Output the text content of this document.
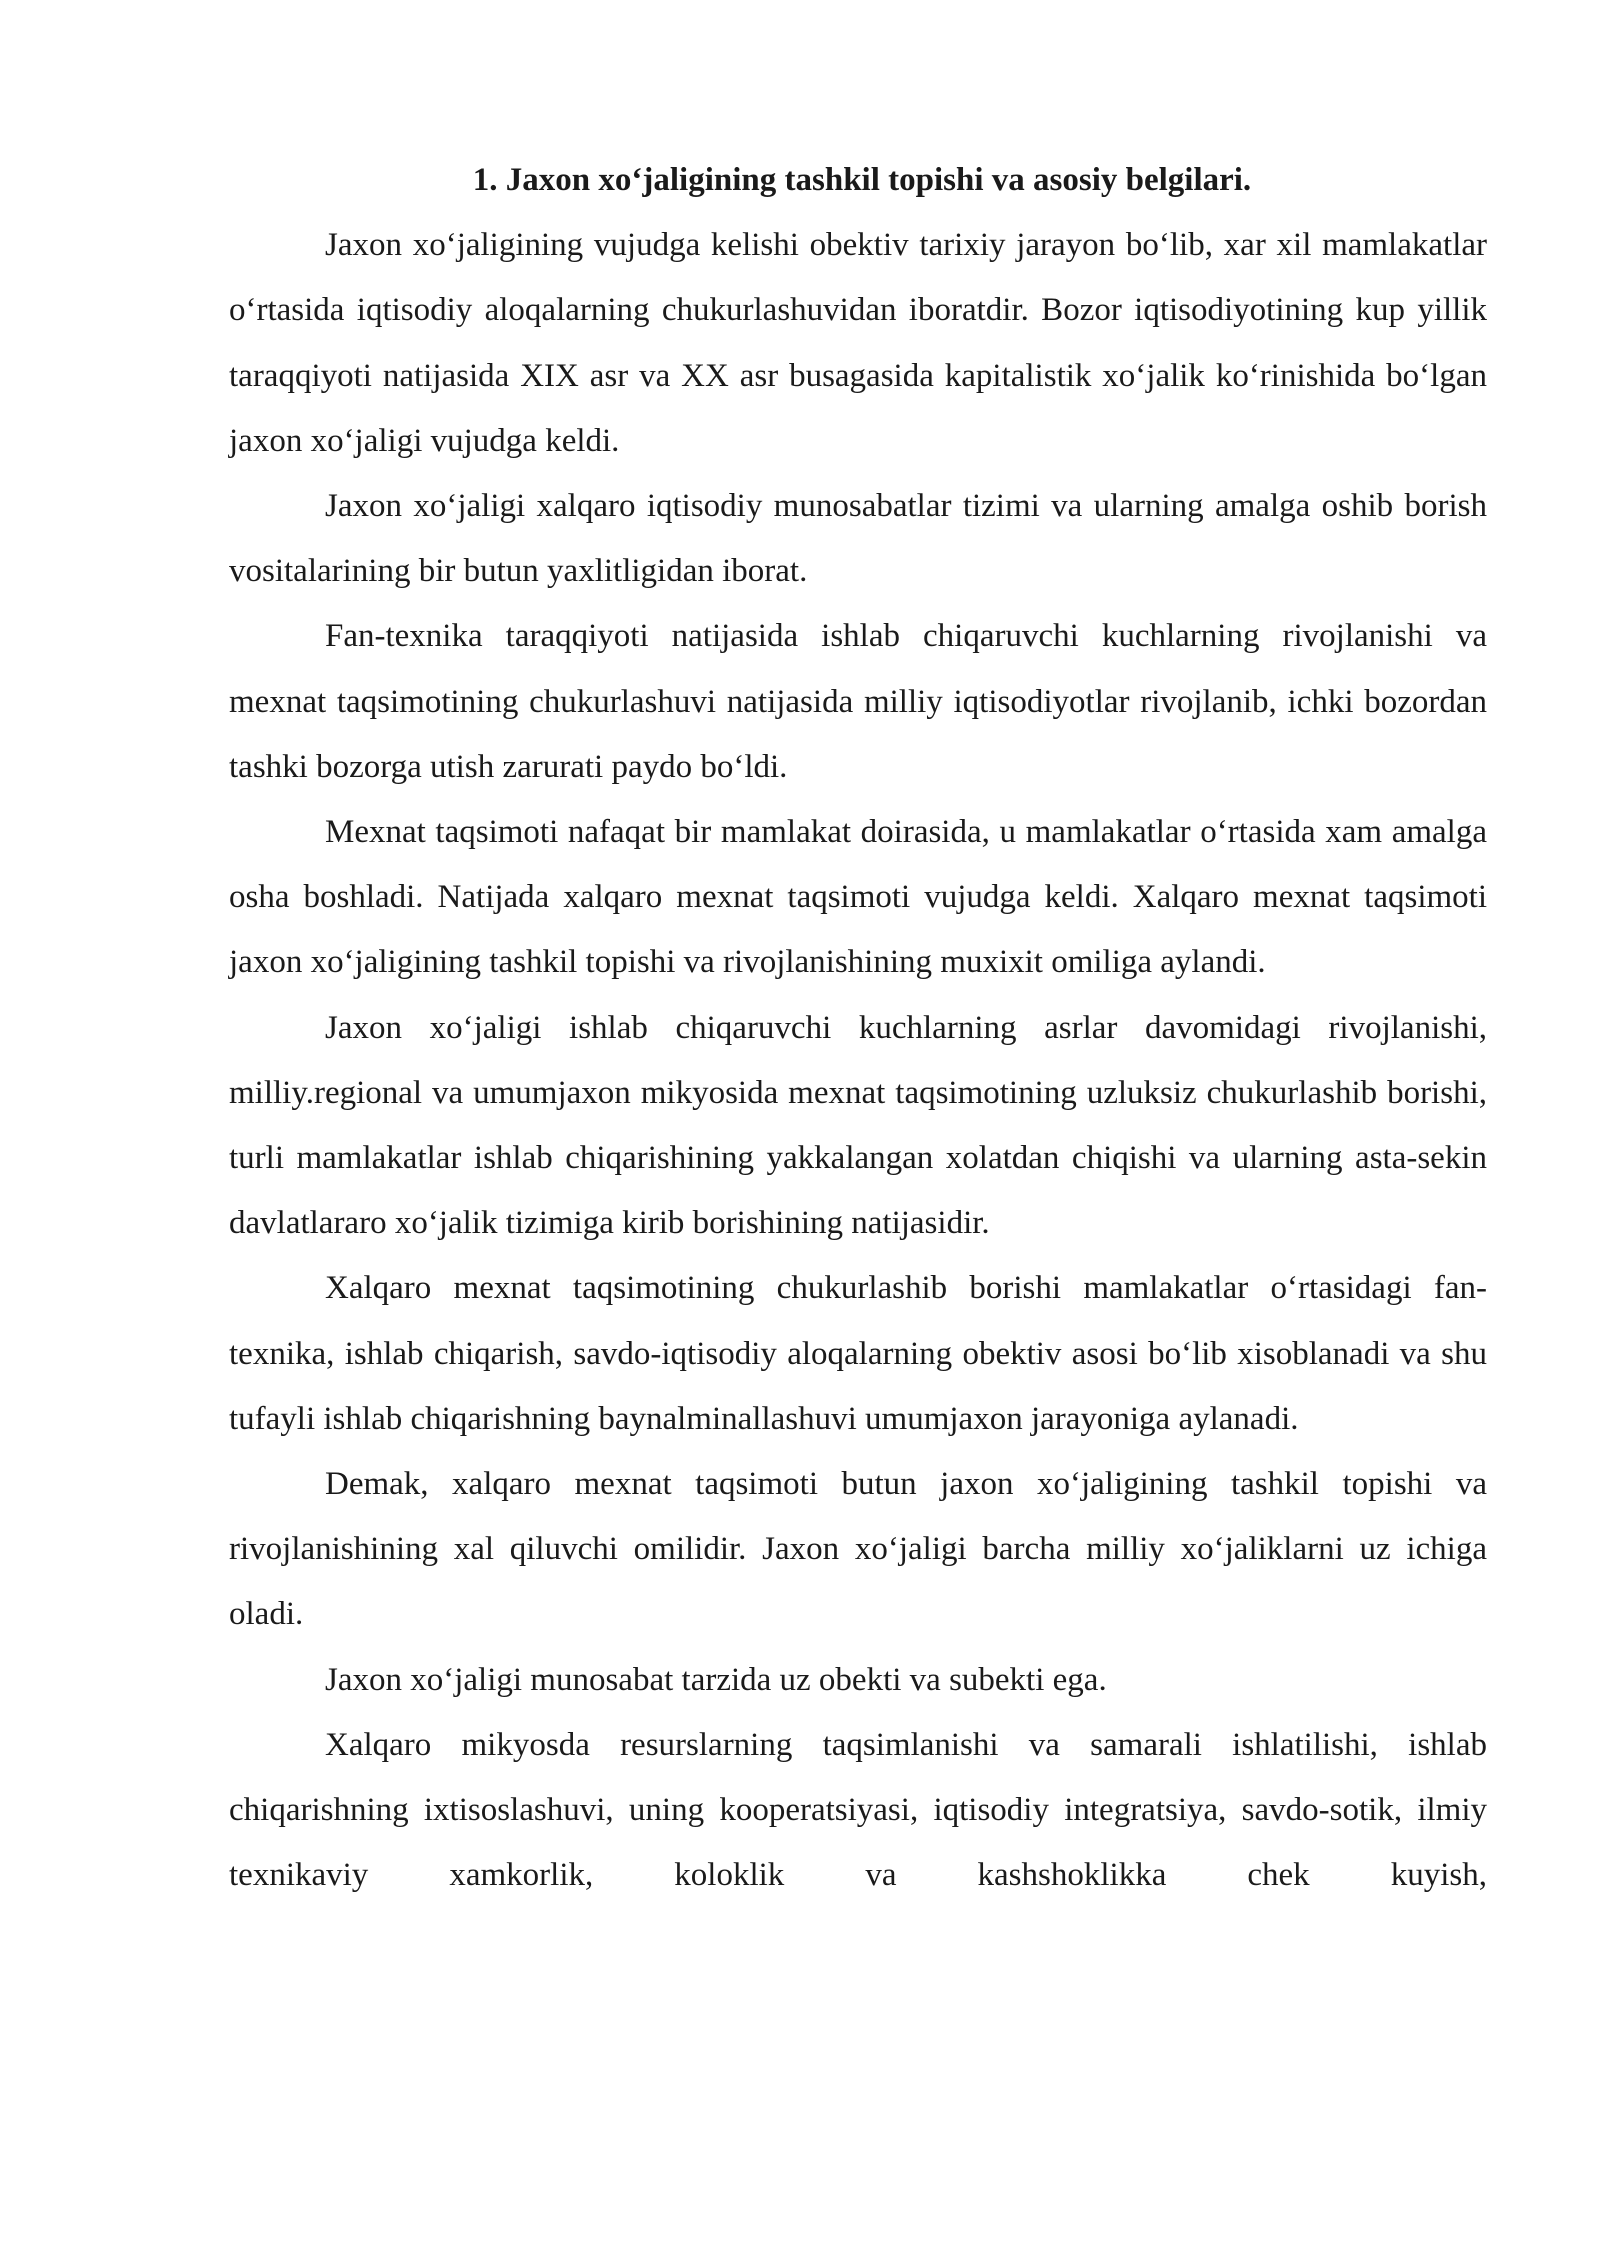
1. Jaxon xo‘jaligining tashkil topishi va asosiy belgilari.

Jaxon xo‘jaligining vujudga kelishi obektiv tarixiy jarayon bo‘lib, xar xil mamlakatlar o‘rtasida iqtisodiy aloqalarning chukurlashuvidan iboratdir. Bozor iqtisodiyotining kup yillik taraqqiyoti natijasida XIX asr va XX asr busagasida kapitalistik xo‘jalik ko‘rinishida bo‘lgan jaxon xo‘jaligi vujudga keldi.

Jaxon xo‘jaligi xalqaro iqtisodiy munosabatlar tizimi va ularning amalga oshib borish vositalarining bir butun yaxlitligidan iborat.

Fan-texnika taraqqiyoti natijasida ishlab chiqaruvchi kuchlarning rivojlanishi va mexnat taqsimotining chukurlashuvi natijasida milliy iqtisodiyotlar rivojlanib, ichki bozordan tashki bozorga utish zarurati paydo bo‘ldi.

Mexnat taqsimoti nafaqat bir mamlakat doirasida, u mamlakatlar o‘rtasida xam amalga osha boshladi. Natijada xalqaro mexnat taqsimoti vujudga keldi. Xalqaro mexnat taqsimoti jaxon xo‘jaligining tashkil topishi va rivojlanishining muxixit omiliga aylandi.

Jaxon xo‘jaligi ishlab chiqaruvchi kuchlarning asrlar davomidagi rivojlanishi, milliy.regional va umumjaxon mikyosida mexnat taqsimotining uzluksiz chukurlashib borishi, turli mamlakatlar ishlab chiqarishining yakkalangan xolatdan chiqishi va ularning asta-sekin davlatlararo xo‘jalik tizimiga kirib borishining natijasidir.

Xalqaro mexnat taqsimotining chukurlashib borishi mamlakatlar o‘rtasidagi fan-texnika, ishlab chiqarish, savdo-iqtisodiy aloqalarning obektiv asosi bo‘lib xisoblanadi va shu tufayli ishlab chiqarishning baynalminallashuvi umumjaxon jarayoniga aylanadi.

Demak, xalqaro mexnat taqsimoti butun jaxon xo‘jaligining tashkil topishi va rivojlanishining xal qiluvchi omilidir. Jaxon xo‘jaligi barcha milliy xo‘jaliklarni uz ichiga oladi.

Jaxon xo‘jaligi munosabat tarzida uz obekti va subekti ega.

Xalqaro mikyosda resurslarning taqsimlanishi va samarali ishlatilishi, ishlab chiqarishning ixtisoslashuvi, uning kooperatsiyasi, iqtisodiy integratsiya, savdo-sotik, ilmiy texnikaviy xamkorlik, koloklik va kashshoklikka chek kuyish,
